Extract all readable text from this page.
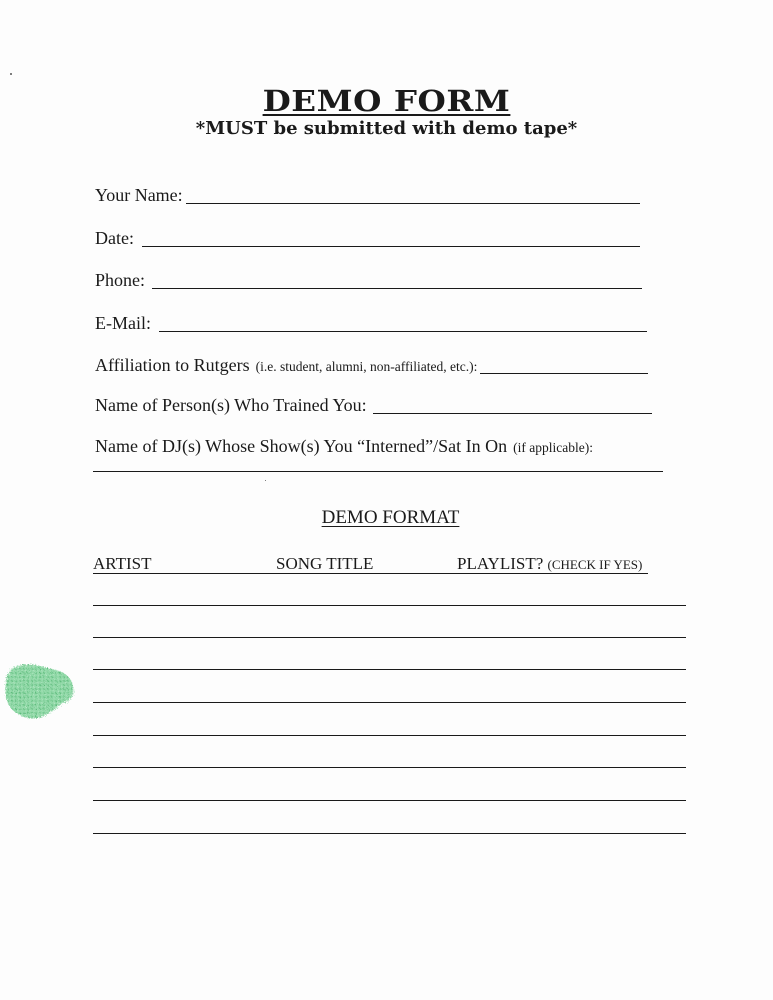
DEMO FORM
*MUST be submitted with demo tape*
Your Name:
Date:
Phone:
E-Mail:
Affiliation to Rutgers (i.e. student, alumni, non-affiliated, etc.):
Name of Person(s) Who Trained You:
Name of DJ(s) Whose Show(s) You “Interned”/Sat In On (if applicable):
DEMO FORMAT
ARTIST	SONG TITLE	PLAYLIST? (CHECK IF YES)
